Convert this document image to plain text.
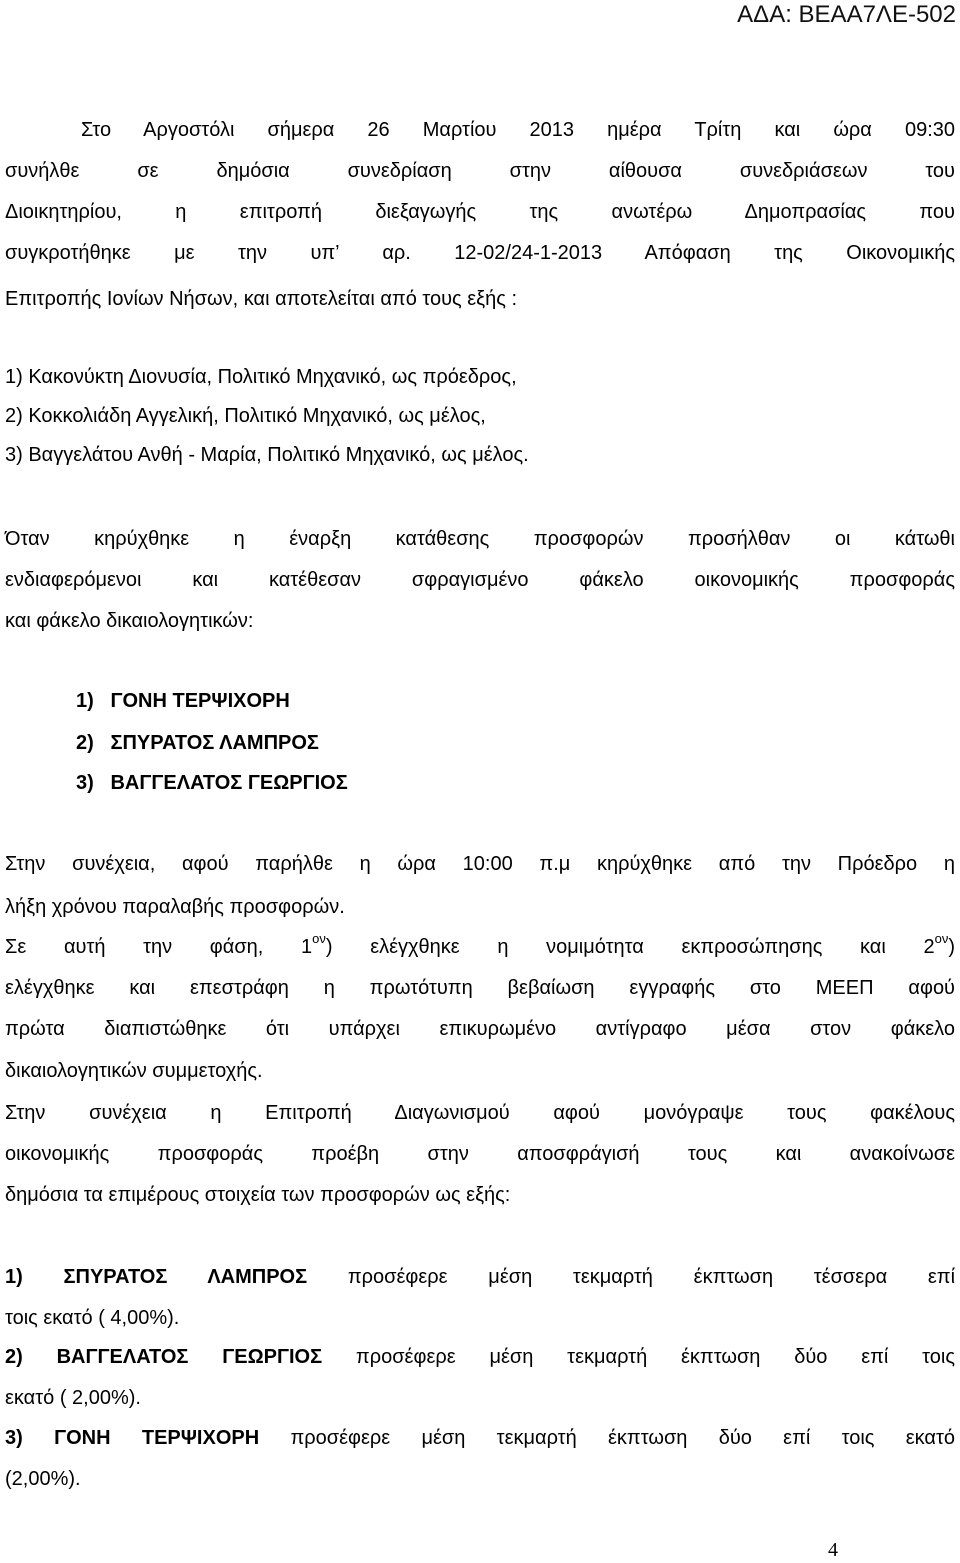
ΑΔΑ: ΒΕΑΑ7ΛΕ-502
Στο Αργοστόλι σήμερα 26 Μαρτίου 2013 ημέρα Τρίτη και ώρα 09:30
συνήλθε σε δημόσια συνεδρίαση στην αίθουσα συνεδριάσεων του
Διοικητηρίου, η επιτροπή διεξαγωγής της ανωτέρω Δημοπρασίας που
συγκροτήθηκε με την υπ’ αρ. 12-02/24-1-2013 Απόφαση της Οικονομικής
Επιτροπής Ιονίων Νήσων, και αποτελείται από τους εξής :
1) Κακονύκτη Διονυσία, Πολιτικό Μηχανικό, ως πρόεδρος,
2) Κοκκολιάδη Αγγελική, Πολιτικό Μηχανικό, ως μέλος,
3) Βαγγελάτου Ανθή - Μαρία, Πολιτικό Μηχανικό, ως μέλος.
Όταν κηρύχθηκε η έναρξη κατάθεσης προσφορών προσήλθαν οι κάτωθι
ενδιαφερόμενοι και κατέθεσαν σφραγισμένο φάκελο οικονομικής προσφοράς
και φάκελο δικαιολογητικών:
1) ΓΟΝΗ ΤΕΡΨΙΧΟΡΗ
2) ΣΠΥΡΑΤΟΣ ΛΑΜΠΡΟΣ
3) ΒΑΓΓΕΛΑΤΟΣ ΓΕΩΡΓΙΟΣ
Στην συνέχεια, αφού παρήλθε η ώρα 10:00 π.μ κηρύχθηκε από την Πρόεδρο η
λήξη χρόνου παραλαβής προσφορών.
Σε αυτή την φάση, $1^{o\nu}$) ελέγχθηκε η νομιμότητα εκπροσώπησης και $2^{o\nu}$)
ελέγχθηκε και επεστράφη η πρωτότυπη βεβαίωση εγγραφής στο ΜΕΕΠ αφού
πρώτα διαπιστώθηκε ότι υπάρχει επικυρωμένο αντίγραφο μέσα στον φάκελο
δικαιολογητικών συμμετοχής.
Στην συνέχεια η Επιτροπή Διαγωνισμού αφού μονόγραψε τους φακέλους
οικονομικής προσφοράς προέβη στην αποσφράγισή τους και ανακοίνωσε
δημόσια τα επιμέρους στοιχεία των προσφορών ως εξής:
1) ΣΠΥΡΑΤΟΣ ΛΑΜΠΡΟΣ προσέφερε μέση τεκμαρτή έκπτωση τέσσερα επί
τοις εκατό ( 4,00%).
2) ΒΑΓΓΕΛΑΤΟΣ ΓΕΩΡΓΙΟΣ προσέφερε μέση τεκμαρτή έκπτωση δύο επί τοις
εκατό ( 2,00%).
3) ΓΟΝΗ ΤΕΡΨΙΧΟΡΗ προσέφερε μέση τεκμαρτή έκπτωση δύο επί τοις εκατό
(2,00%).
4
